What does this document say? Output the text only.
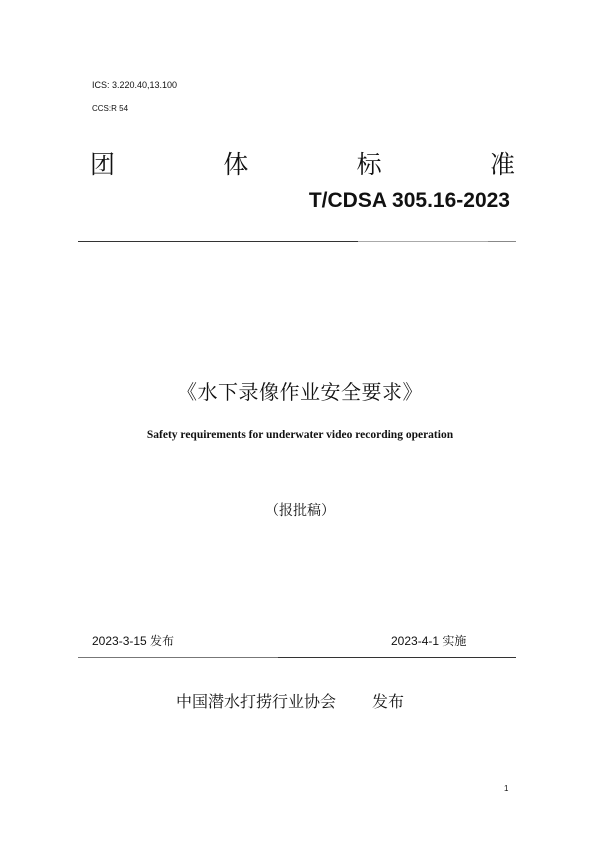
ICS: 3.220.40,13.100
CCS:R 54
团	体	标	准
T/CDSA 305.16-2023
《水下录像作业安全要求》
Safety requirements for underwater video recording operation
（报批稿）
2023-3-15 发布	2023-4-1 实施
中国潜水打捞行业协会 发布
1
